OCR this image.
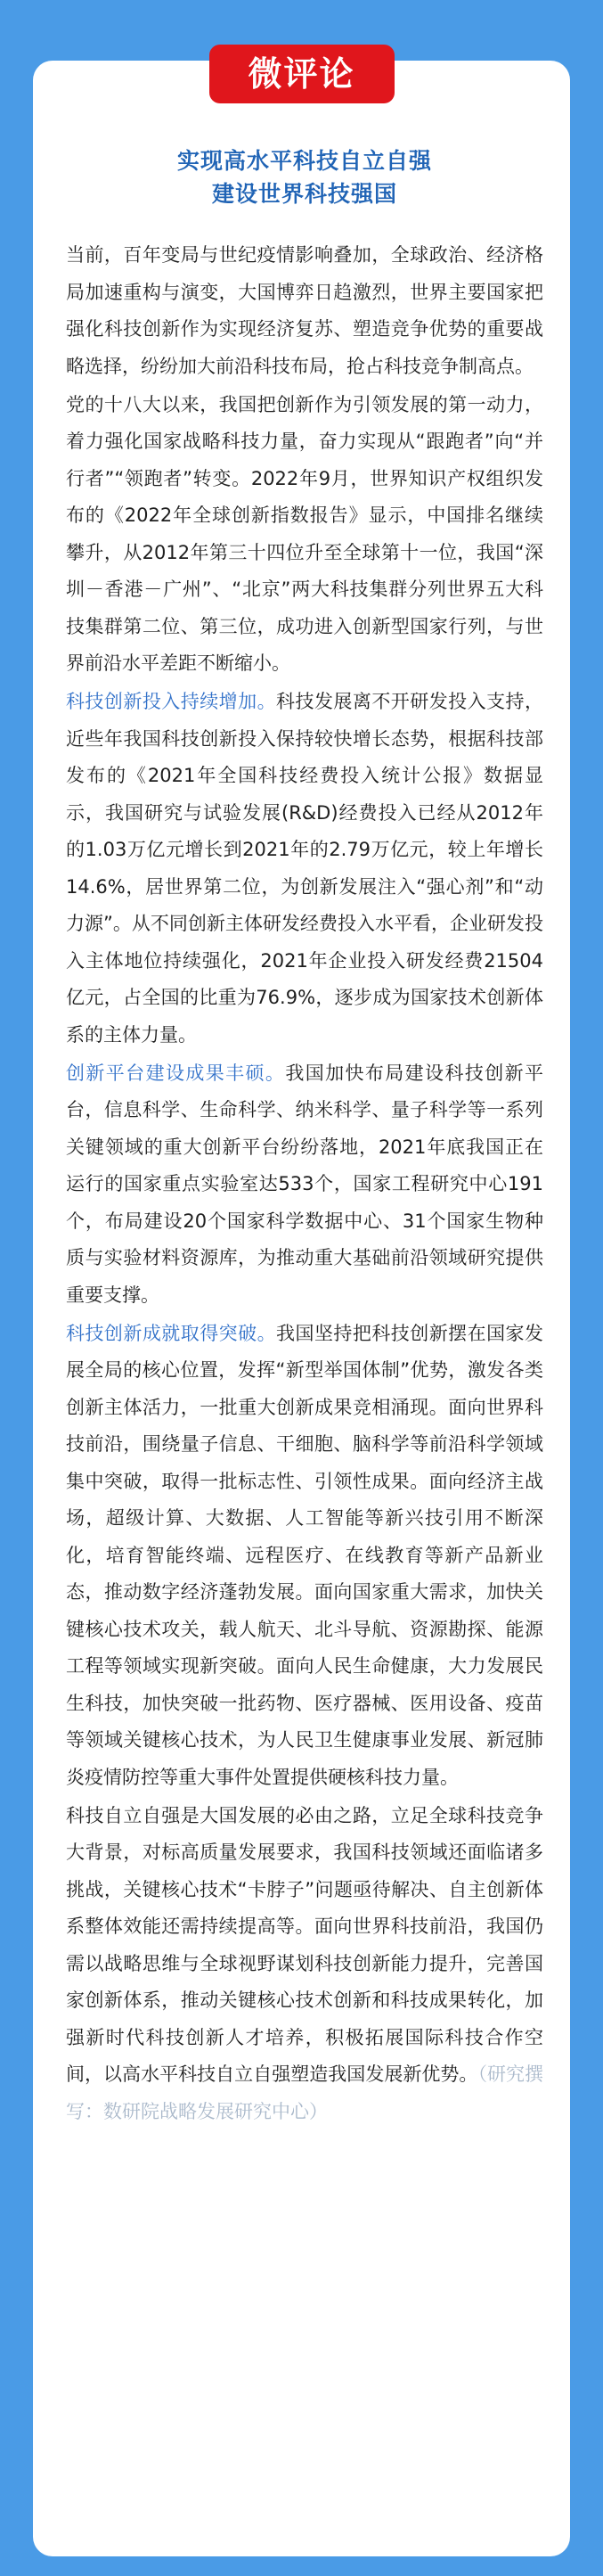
微评论
实现高水平科技自立自强
建设世界科技强国

当前，百年变局与世纪疫情影响叠加，全球政治、经济格局加速重构与演变，大国博弈日趋激烈，世界主要国家把强化科技创新作为实现经济复苏、塑造竞争优势的重要战略选择，纷纷加大前沿科技布局，抢占科技竞争制高点。

党的十八大以来，我国把创新作为引领发展的第一动力，着力强化国家战略科技力量，奋力实现从“跟跑者”向“并行者”“领跑者”转变。2022年9月，世界知识产权组织发布的《2022年全球创新指数报告》显示，中国排名继续攀升，从2012年第三十四位升至全球第十一位，我国“深圳－香港－广州”、“北京”两大科技集群分列世界五大科技集群第二位、第三位，成功进入创新型国家行列，与世界前沿水平差距不断缩小。

科技创新投入持续增加。科技发展离不开研发投入支持，近些年我国科技创新投入保持较快增长态势，根据科技部发布的《2021年全国科技经费投入统计公报》数据显示，我国研究与试验发展(R&D)经费投入已经从2012年的1.03万亿元增长到2021年的2.79万亿元，较上年增长14.6%，居世界第二位，为创新发展注入“强心剂”和“动力源”。从不同创新主体研发经费投入水平看，企业研发投入主体地位持续强化，2021年企业投入研发经费21504亿元，占全国的比重为76.9%，逐步成为国家技术创新体系的主体力量。

创新平台建设成果丰硕。我国加快布局建设科技创新平台，信息科学、生命科学、纳米科学、量子科学等一系列关键领域的重大创新平台纷纷落地，2021年底我国正在运行的国家重点实验室达533个，国家工程研究中心191个，布局建设20个国家科学数据中心、31个国家生物种质与实验材料资源库，为推动重大基础前沿领域研究提供重要支撑。

科技创新成就取得突破。我国坚持把科技创新摆在国家发展全局的核心位置，发挥“新型举国体制”优势，激发各类创新主体活力，一批重大创新成果竞相涌现。面向世界科技前沿，围绕量子信息、干细胞、脑科学等前沿科学领域集中突破，取得一批标志性、引领性成果。面向经济主战场，超级计算、大数据、人工智能等新兴技引用不断深化，培育智能终端、远程医疗、在线教育等新产品新业态，推动数字经济蓬勃发展。面向国家重大需求，加快关键核心技术攻关，载人航天、北斗导航、资源勘探、能源工程等领域实现新突破。面向人民生命健康，大力发展民生科技，加快突破一批药物、医疗器械、医用设备、疫苗等领域关键核心技术，为人民卫生健康事业发展、新冠肺炎疫情防控等重大事件处置提供硬核科技力量。

科技自立自强是大国发展的必由之路，立足全球科技竞争大背景，对标高质量发展要求，我国科技领域还面临诸多挑战，关键核心技术“卡脖子”问题亟待解决、自主创新体系整体效能还需持续提高等。面向世界科技前沿，我国仍需以战略思维与全球视野谋划科技创新能力提升，完善国家创新体系，推动关键核心技术创新和科技成果转化，加强新时代科技创新人才培养，积极拓展国际科技合作空间，以高水平科技自立自强塑造我国发展新优势。（研究撰写：数研院战略发展研究中心）
